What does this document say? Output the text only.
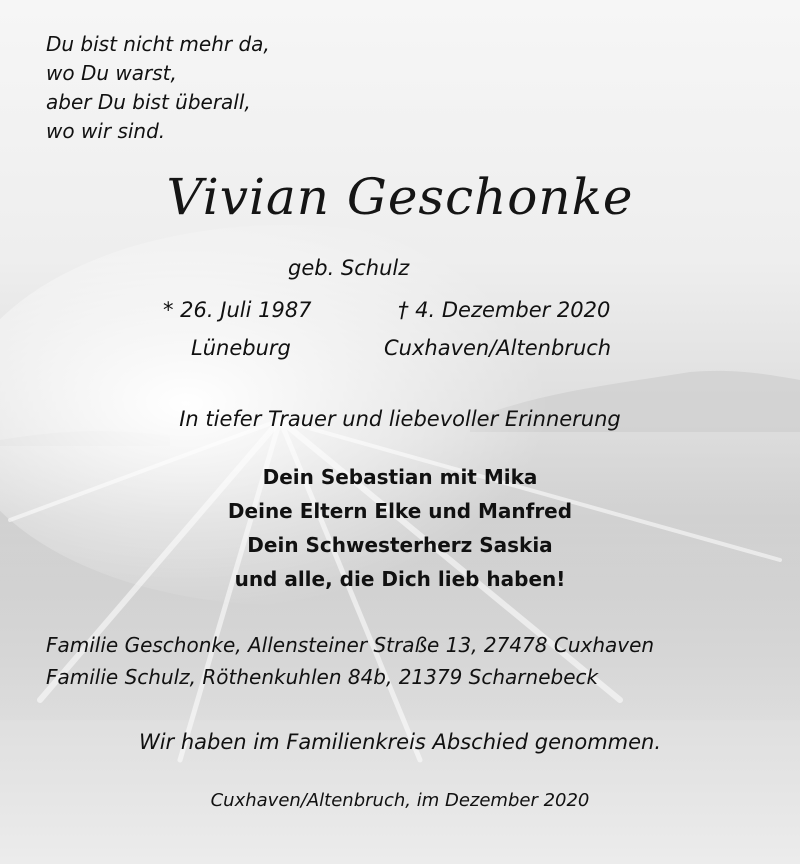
Du bist nicht mehr da,
wo Du warst,
aber Du bist überall,
wo wir sind.
Vivian Geschonke
geb. Schulz
* 26. Juli 1987	† 4. Dezember 2020
Lüneburg	Cuxhaven/Altenbruch
In tiefer Trauer und liebevoller Erinnerung
Dein Sebastian mit Mika
Deine Eltern Elke und Manfred
Dein Schwesterherz Saskia
und alle, die Dich lieb haben!
Familie Geschonke, Allensteiner Straße 13, 27478 Cuxhaven
Familie Schulz, Röthenkuhlen 84b, 21379 Scharnebeck
Wir haben im Familienkreis Abschied genommen.
Cuxhaven/Altenbruch, im Dezember 2020
